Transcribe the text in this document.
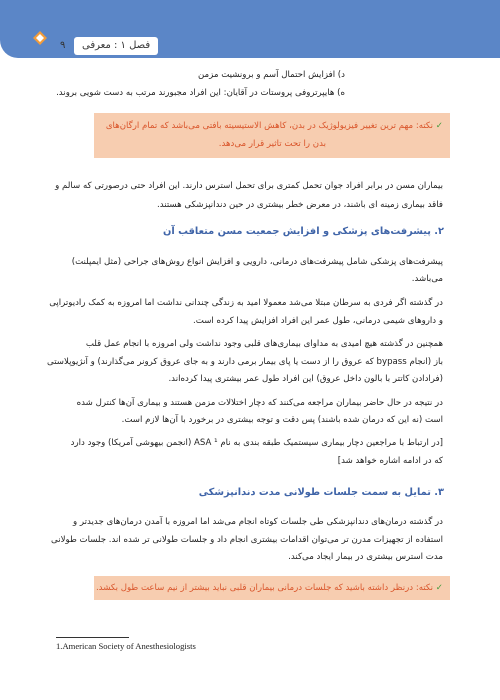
فصل ۱ : معرفی
۹
د) افزایش احتمال آسم و برونشیت مزمن
ه) هایپرتروفی پروستات در آقایان: این افراد مجبورند مرتب به دست شویی بروند.
✓ نکته: مهم ترین تغییر فیزیولوژیک در بدن، کاهش الاستیسیته بافتی می‌باشد که تمام ارگان‌های
بدن را تحت تاثیر قرار می‌دهد.
بیماران مسن در برابر افراد جوان تحمل کمتری برای تحمل استرس دارند. این افراد حتی درصورتی که سالم و
فاقد بیماری زمینه ای باشند، در معرض خطر بیشتری در حین دندانپزشکی هستند.
۲. پیشرفت‌های پزشکی و افزایش جمعیت مسن متعاقب آن
پیشرفت‌های پزشکی شامل پیشرفت‌های درمانی، دارویی و افزایش انواع روش‌های جراحی (مثل ایمپلنت)
می‌باشد.
در گذشته اگر فردی به سرطان مبتلا می‌شد معمولا امید به زندگی چندانی نداشت اما امروزه به کمک رادیوتراپی
و داروهای شیمی درمانی، طول عمر این افراد افزایش پیدا کرده است.
همچنین در گذشته هیچ امیدی به مداوای بیماری‌های قلبی وجود نداشت ولی امروزه با انجام عمل قلب
باز (انجام bypass که عروق را از دست یا پای بیمار برمی دارند و به جای عروق کرونر می‌گذارند) و آنژیوپلاستی
(فرادادن کاتتر با بالون داخل عروق) این افراد طول عمر بیشتری پیدا کرده‌اند.
در نتیجه در حال حاضر بیماران مراجعه می‌کنند که دچار اختلالات مزمن هستند و بیماری آن‌ها کنترل شده
است (نه این که درمان شده باشند) پس دقت و توجه بیشتری در برخورد با آن‌ها لازم است.
[در ارتباط با مراجعین دچار بیماری سیستمیک طبقه بندی به نام ASA ¹ (انجمن بیهوشی آمریکا) وجود دارد
که در ادامه اشاره خواهد شد]
۳. تمایل به سمت جلسات طولانی مدت دندانپزشکی
در گذشته درمان‌های دندانپزشکی طی جلسات کوتاه انجام می‌شد اما امروزه با آمدن درمان‌های جدیدتر و
استفاده از تجهیزات مدرن تر می‌توان اقدامات بیشتری انجام داد و جلسات طولانی تر شده اند. جلسات طولانی
مدت استرس بیشتری در بیمار ایجاد می‌کند.
✓ نکته: درنظر داشته باشید که جلسات درمانی بیماران قلبی نباید بیشتر از نیم ساعت طول بکشد.
1.American Society of Anesthesiologists
